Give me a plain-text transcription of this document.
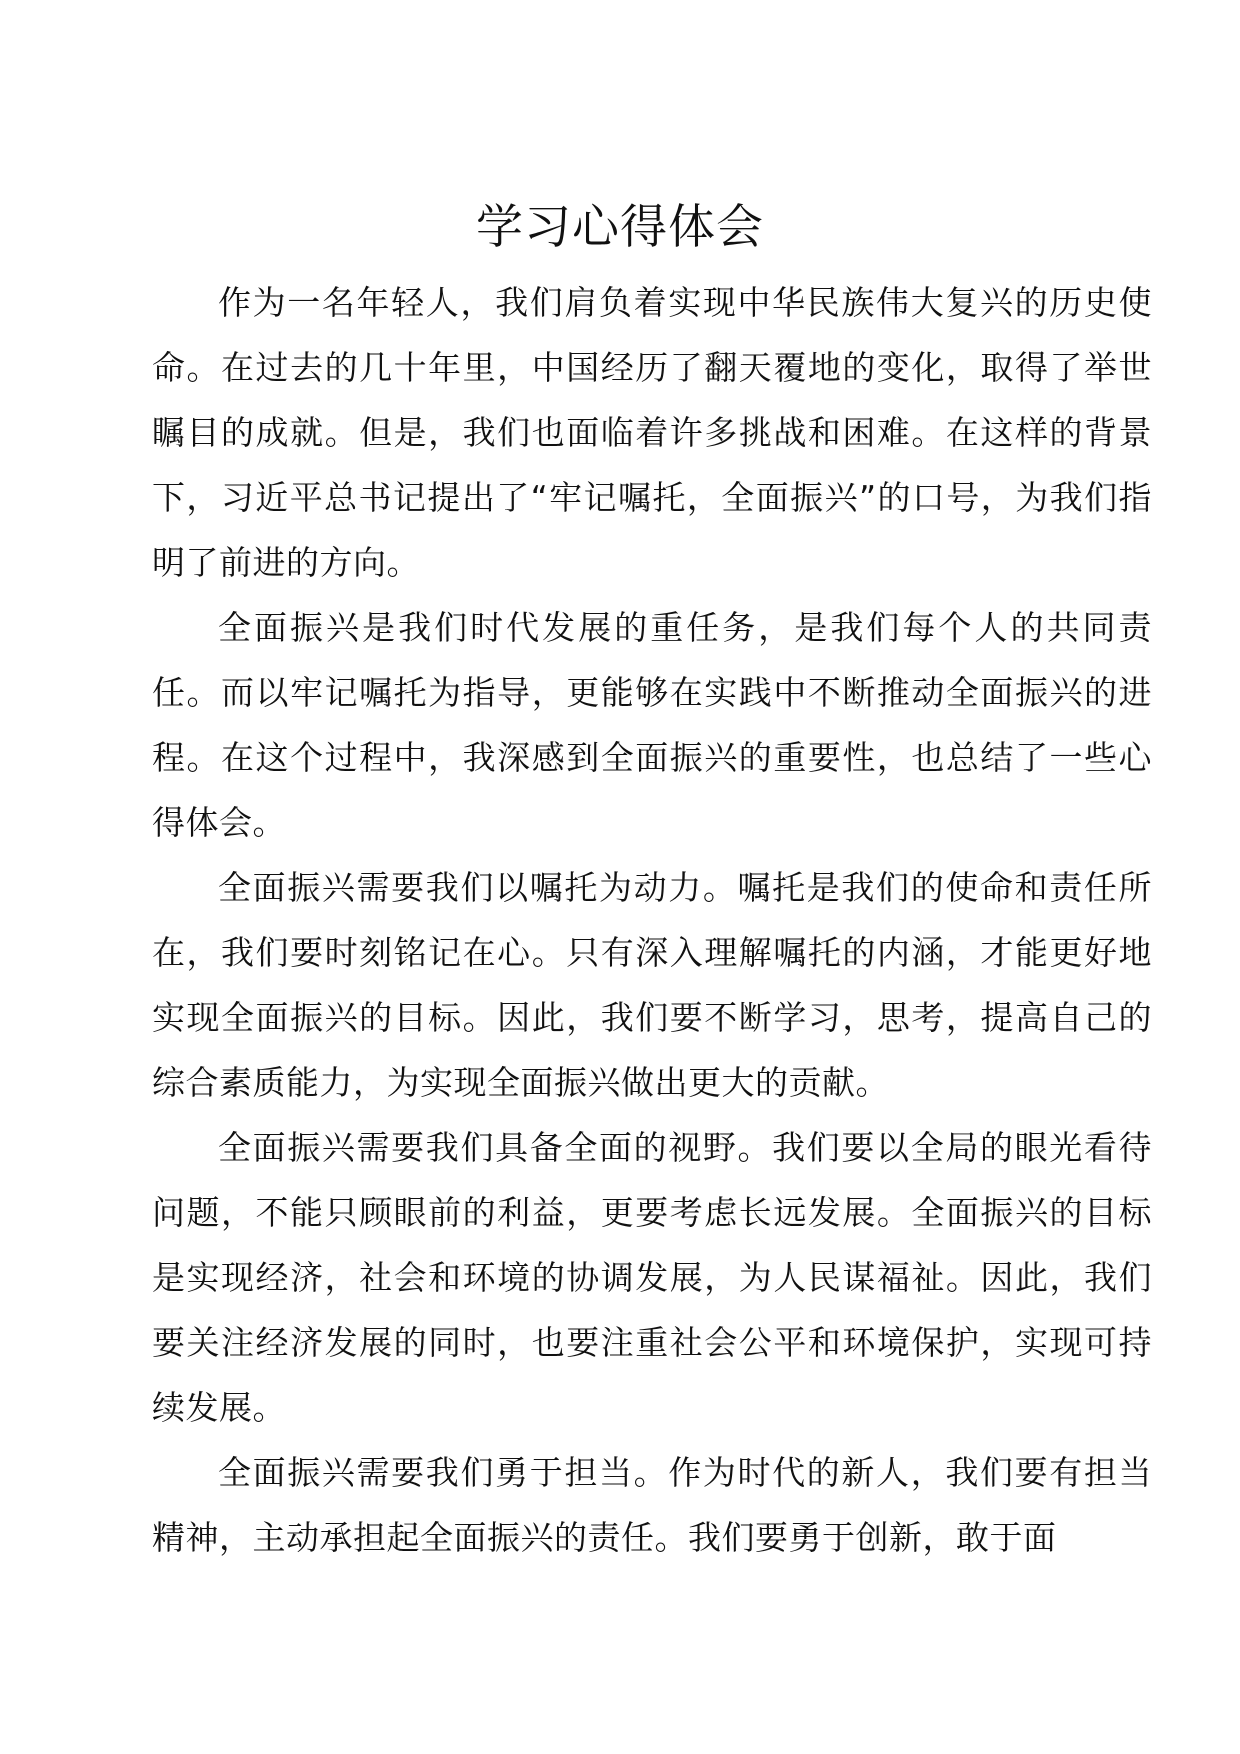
学习心得体会

作为一名年轻人，我们肩负着实现中华民族伟大复兴的历史使命。在过去的几十年里，中国经历了翻天覆地的变化，取得了举世瞩目的成就。但是，我们也面临着许多挑战和困难。在这样的背景下，习近平总书记提出了“牢记嘱托，全面振兴”的口号，为我们指明了前进的方向。

全面振兴是我们时代发展的重任务，是我们每个人的共同责任。而以牢记嘱托为指导，更能够在实践中不断推动全面振兴的进程。在这个过程中，我深感到全面振兴的重要性，也总结了一些心得体会。

全面振兴需要我们以嘱托为动力。嘱托是我们的使命和责任所在，我们要时刻铭记在心。只有深入理解嘱托的内涵，才能更好地实现全面振兴的目标。因此，我们要不断学习，思考，提高自己的综合素质能力，为实现全面振兴做出更大的贡献。

全面振兴需要我们具备全面的视野。我们要以全局的眼光看待问题，不能只顾眼前的利益，更要考虑长远发展。全面振兴的目标是实现经济，社会和环境的协调发展，为人民谋福祉。因此，我们要关注经济发展的同时，也要注重社会公平和环境保护，实现可持续发展。

全面振兴需要我们勇于担当。作为时代的新人，我们要有担当精神，主动承担起全面振兴的责任。我们要勇于创新，敢于面
